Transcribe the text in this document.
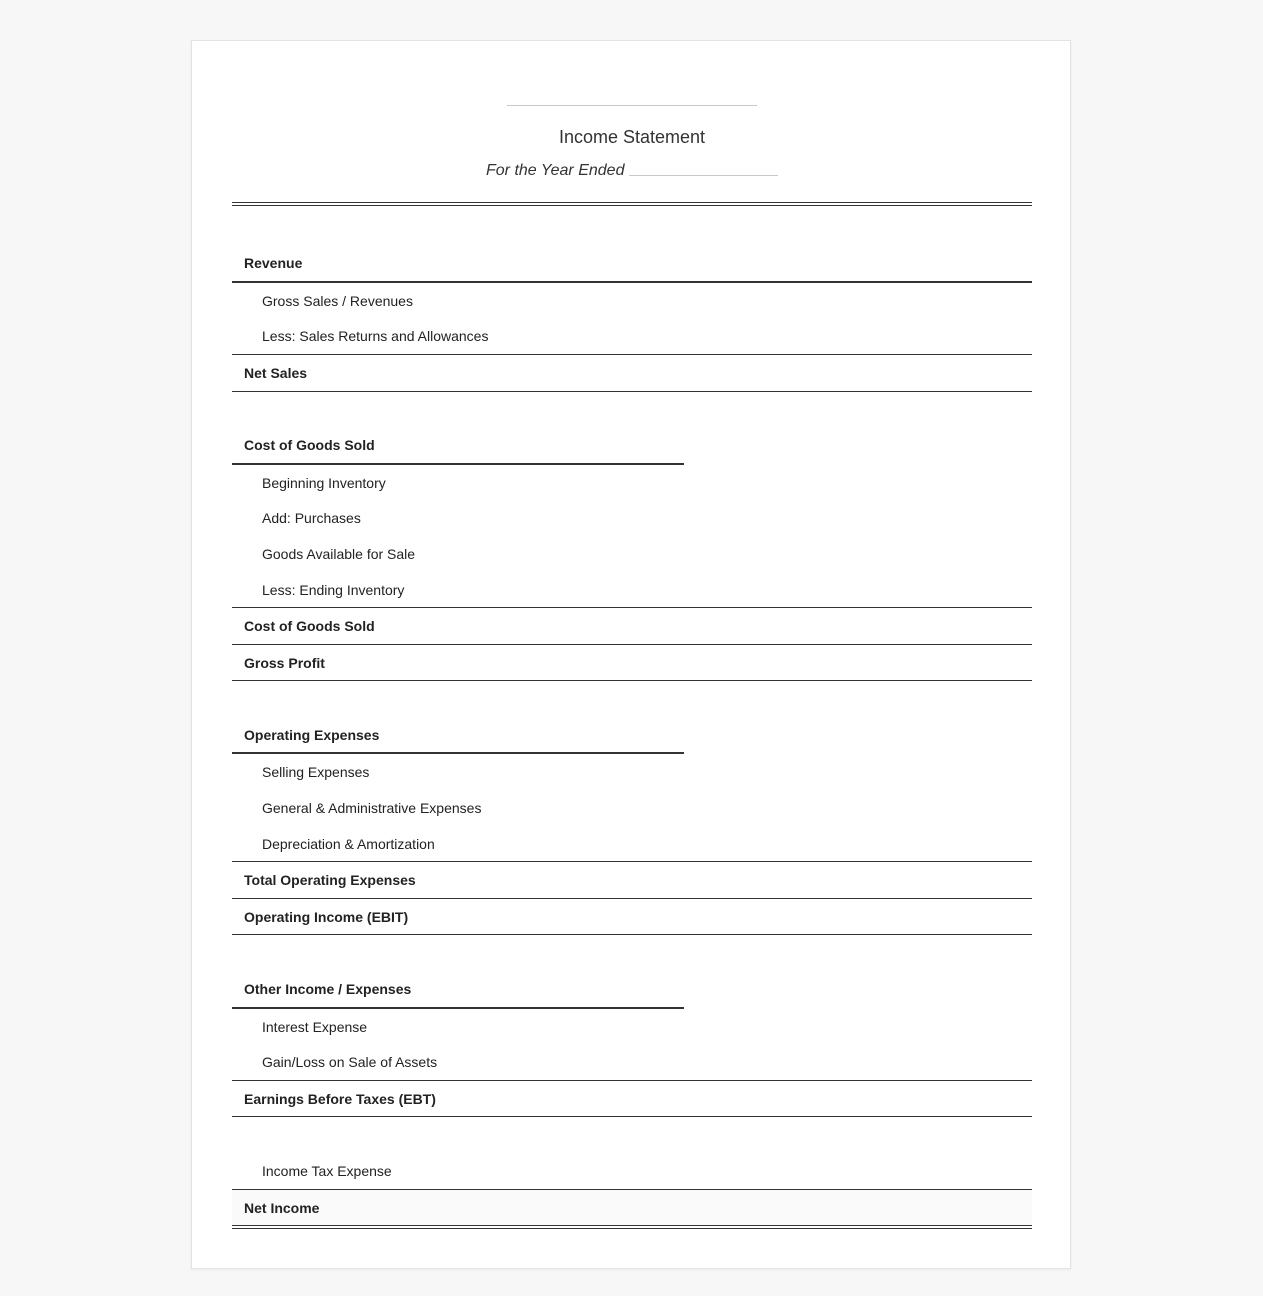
Income Statement
For the Year Ended
Revenue
Gross Sales / Revenues
Less: Sales Returns and Allowances
Net Sales
Cost of Goods Sold
Beginning Inventory
Add: Purchases
Goods Available for Sale
Less: Ending Inventory
Cost of Goods Sold
Gross Profit
Operating Expenses
Selling Expenses
General & Administrative Expenses
Depreciation & Amortization
Total Operating Expenses
Operating Income (EBIT)
Other Income / Expenses
Interest Expense
Gain/Loss on Sale of Assets
Earnings Before Taxes (EBT)
Income Tax Expense
Net Income
